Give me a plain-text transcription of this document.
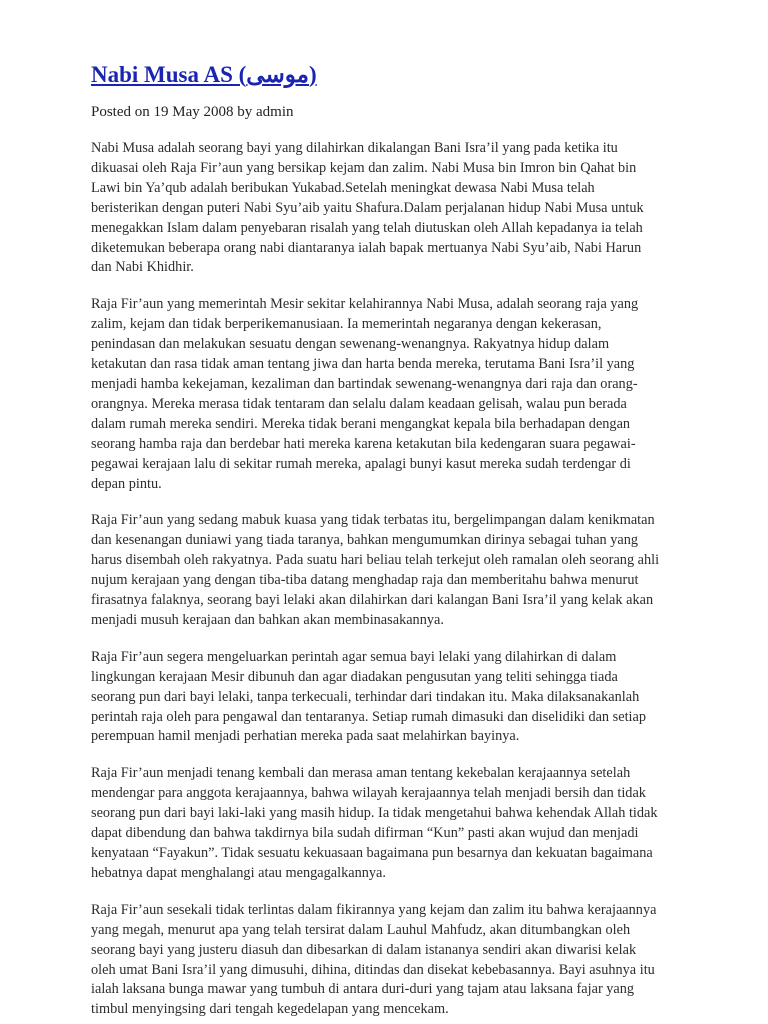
Nabi Musa AS (موسى)

Posted on 19 May 2008 by admin

Nabi Musa adalah seorang bayi yang dilahirkan dikalangan Bani Isra’il yang pada ketika itu
dikuasai oleh Raja Fir’aun yang bersikap kejam dan zalim. Nabi Musa bin Imron bin Qahat bin
Lawi bin Ya’qub adalah beribukan Yukabad.Setelah meningkat dewasa Nabi Musa telah
beristerikan dengan puteri Nabi Syu’aib yaitu Shafura.Dalam perjalanan hidup Nabi Musa untuk
menegakkan Islam dalam penyebaran risalah yang telah diutuskan oleh Allah kepadanya ia telah
diketemukan beberapa orang nabi diantaranya ialah bapak mertuanya Nabi Syu’aib, Nabi Harun
dan Nabi Khidhir.

Raja Fir’aun yang memerintah Mesir sekitar kelahirannya Nabi Musa, adalah seorang raja yang
zalim, kejam dan tidak berperikemanusiaan. Ia memerintah negaranya dengan kekerasan,
penindasan dan melakukan sesuatu dengan sewenang-wenangnya. Rakyatnya hidup dalam
ketakutan dan rasa tidak aman tentang jiwa dan harta benda mereka, terutama Bani Isra’il yang
menjadi hamba kekejaman, kezaliman dan bartindak sewenang-wenangnya dari raja dan orang-
orangnya. Mereka merasa tidak tentaram dan selalu dalam keadaan gelisah, walau pun berada
dalam rumah mereka sendiri. Mereka tidak berani mengangkat kepala bila berhadapan dengan
seorang hamba raja dan berdebar hati mereka karena ketakutan bila kedengaran suara pegawai-
pegawai kerajaan lalu di sekitar rumah mereka, apalagi bunyi kasut mereka sudah terdengar di
depan pintu.

Raja Fir’aun yang sedang mabuk kuasa yang tidak terbatas itu, bergelimpangan dalam kenikmatan
dan kesenangan duniawi yang tiada taranya, bahkan mengumumkan dirinya sebagai tuhan yang
harus disembah oleh rakyatnya. Pada suatu hari beliau telah terkejut oleh ramalan oleh seorang ahli
nujum kerajaan yang dengan tiba-tiba datang menghadap raja dan memberitahu bahwa menurut
firasatnya falaknya, seorang bayi lelaki akan dilahirkan dari kalangan Bani Isra’il yang kelak akan
menjadi musuh kerajaan dan bahkan akan membinasakannya.

Raja Fir’aun segera mengeluarkan perintah agar semua bayi lelaki yang dilahirkan di dalam
lingkungan kerajaan Mesir dibunuh dan agar diadakan pengusutan yang teliti sehingga tiada
seorang pun dari bayi lelaki, tanpa terkecuali, terhindar dari tindakan itu. Maka dilaksanakanlah
perintah raja oleh para pengawal dan tentaranya. Setiap rumah dimasuki dan diselidiki dan setiap
perempuan hamil menjadi perhatian mereka pada saat melahirkan bayinya.

Raja Fir’aun menjadi tenang kembali dan merasa aman tentang kekebalan kerajaannya setelah
mendengar para anggota kerajaannya, bahwa wilayah kerajaannya telah menjadi bersih dan tidak
seorang pun dari bayi laki-laki yang masih hidup. Ia tidak mengetahui bahwa kehendak Allah tidak
dapat dibendung dan bahwa takdirnya bila sudah difirman “Kun” pasti akan wujud dan menjadi
kenyataan “Fayakun”. Tidak sesuatu kekuasaan bagaimana pun besarnya dan kekuatan bagaimana
hebatnya dapat menghalangi atau mengagalkannya.

Raja Fir’aun sesekali tidak terlintas dalam fikirannya yang kejam dan zalim itu bahwa kerajaannya
yang megah, menurut apa yang telah tersirat dalam Lauhul Mahfudz, akan ditumbangkan oleh
seorang bayi yang justeru diasuh dan dibesarkan di dalam istananya sendiri akan diwarisi kelak
oleh umat Bani Isra’il yang dimusuhi, dihina, ditindas dan disekat kebebasannya. Bayi asuhnya itu
ialah laksana bunga mawar yang tumbuh di antara duri-duri yang tajam atau laksana fajar yang
timbul menyingsing dari tengah kegedelapan yang mencekam.
